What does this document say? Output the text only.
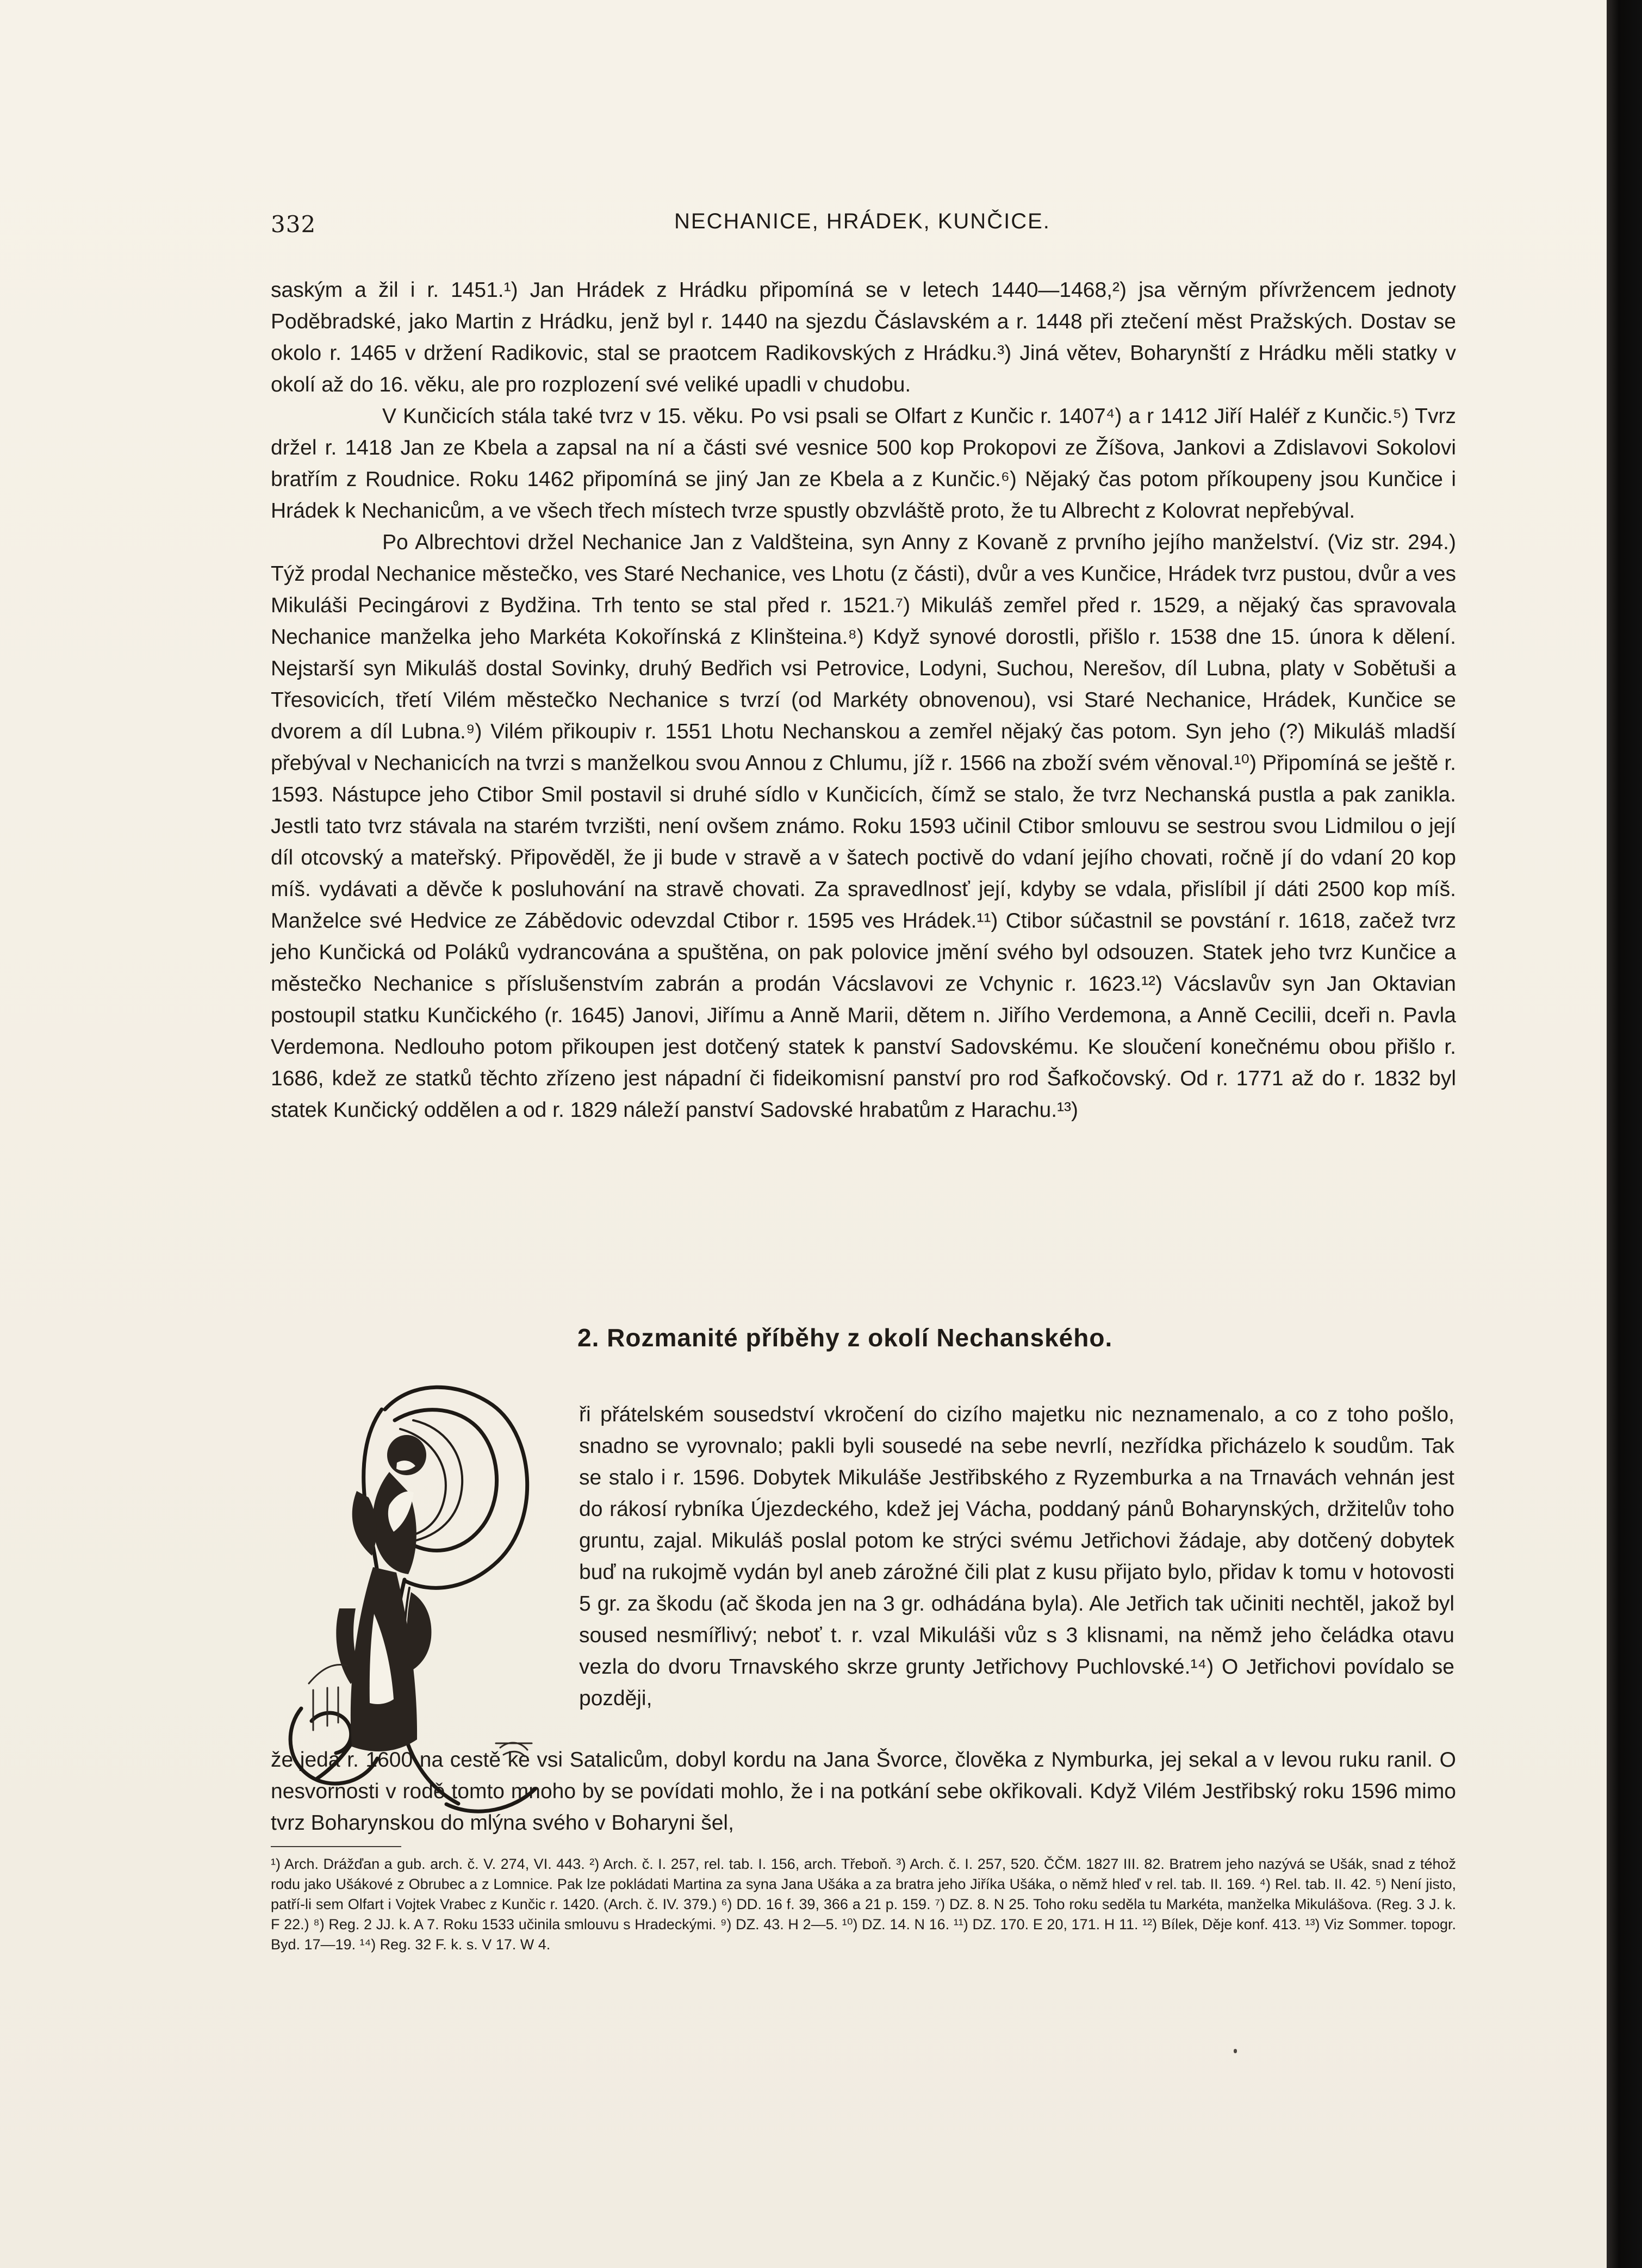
332	NECHANICE, HRÁDEK, KUNČICE.

saským a žil i r. 1451.¹) Jan Hrádek z Hrádku připomíná se v letech 1440—1468,²) jsa věrným přívržencem jednoty Poděbradské, jako Martin z Hrádku, jenž byl r. 1440 na sjezdu Čáslavském a r. 1448 při ztečení měst Pražských. Dostav se okolo r. 1465 v držení Radikovic, stal se praotcem Radikovských z Hrádku.³) Jiná větev, Boharynští z Hrádku měli statky v okolí až do 16. věku, ale pro rozplození své veliké upadli v chudobu.

V Kunčicích stála také tvrz v 15. věku. Po vsi psali se Olfart z Kunčic r. 1407⁴) a r 1412 Jiří Haléř z Kunčic.⁵) Tvrz držel r. 1418 Jan ze Kbela a zapsal na ní a části své vesnice 500 kop Prokopovi ze Žíšova, Jankovi a Zdislavovi Sokolovi bratřím z Roudnice. Roku 1462 připomíná se jiný Jan ze Kbela a z Kunčic.⁶) Nějaký čas potom příkoupeny jsou Kunčice i Hrádek k Nechanicům, a ve všech třech místech tvrze spustly obzvláště proto, že tu Albrecht z Kolovrat nepřebýval.

Po Albrechtovi držel Nechanice Jan z Valdšteina, syn Anny z Kovaně z prvního jejího manželství. (Viz str. 294.) Týž prodal Nechanice městečko, ves Staré Nechanice, ves Lhotu (z části), dvůr a ves Kunčice, Hrádek tvrz pustou, dvůr a ves Mikuláši Pecingárovi z Bydžina. Trh tento se stal před r. 1521.⁷) Mikuláš zemřel před r. 1529, a nějaký čas spravovala Nechanice manželka jeho Markéta Kokořínská z Klinšteina.⁸) Když synové dorostli, přišlo r. 1538 dne 15. února k dělení. Nejstarší syn Mikuláš dostal Sovinky, druhý Bedřich vsi Petrovice, Lodyni, Suchou, Nerešov, díl Lubna, platy v Sobětuši a Třesovicích, třetí Vilém městečko Nechanice s tvrzí (od Markéty obnovenou), vsi Staré Nechanice, Hrádek, Kunčice se dvorem a díl Lubna.⁹) Vilém přikoupiv r. 1551 Lhotu Nechanskou a zemřel nějaký čas potom. Syn jeho (?) Mikuláš mladší přebýval v Nechanicích na tvrzi s manželkou svou Annou z Chlumu, jíž r. 1566 na zboží svém věnoval.¹⁰) Připomíná se ještě r. 1593. Nástupce jeho Ctibor Smil postavil si druhé sídlo v Kunčicích, čímž se stalo, že tvrz Nechanská pustla a pak zanikla. Jestli tato tvrz stávala na starém tvrzišti, není ovšem známo. Roku 1593 učinil Ctibor smlouvu se sestrou svou Lidmilou o její díl otcovský a mateřský. Připověděl, že ji bude v stravě a v šatech poctivě do vdaní jejího chovati, ročně jí do vdaní 20 kop míš. vydávati a děvče k posluhování na stravě chovati. Za spravedlnosť její, kdyby se vdala, přislíbil jí dáti 2500 kop míš. Manželce své Hedvice ze Zábědovic odevzdal Ctibor r. 1595 ves Hrádek.¹¹) Ctibor súčastnil se povstání r. 1618, začež tvrz jeho Kunčická od Poláků vydrancována a spuštěna, on pak polovice jmění svého byl odsouzen. Statek jeho tvrz Kunčice a městečko Nechanice s příslušenstvím zabrán a prodán Vácslavovi ze Vchynic r. 1623.¹²) Vácslavův syn Jan Oktavian postoupil statku Kunčického (r. 1645) Janovi, Jiřímu a Anně Marii, dětem n. Jiřího Verdemona, a Anně Cecilii, dceři n. Pavla Verdemona. Nedlouho potom přikoupen jest dotčený statek k panství Sadovskému. Ke sloučení konečnému obou přišlo r. 1686, kdež ze statků těchto zřízeno jest nápadní či fideikomisní panství pro rod Šafkočovský. Od r. 1771 až do r. 1832 byl statek Kunčický oddělen a od r. 1829 náleží panství Sadovské hrabatům z Harachu.¹³)

2. Rozmanité příběhy z okolí Nechanského.
ři přátelském sousedství vkročení do cizího majetku nic neznamenalo, a co z toho pošlo, snadno se vyrovnalo; pakli byli sousedé na sebe nevrlí, nezřídka přicházelo k soudům. Tak se stalo i r. 1596. Dobytek Mikuláše Jestřibského z Ryzemburka a na Trnavách vehnán jest do rákosí rybníka Újezdeckého, kdež jej Vácha, poddaný pánů Boharynských, držitelův toho gruntu, zajal. Mikuláš poslal potom ke strýci svému Jetřichovi žádaje, aby dotčený dobytek buď na rukojmě vydán byl aneb zárožné čili plat z kusu přijato bylo, přidav k tomu v hotovosti 5 gr. za škodu (ač škoda jen na 3 gr. odhádána byla). Ale Jetřich tak učiniti nechtěl, jakož byl soused nesmířlivý; neboť t. r. vzal Mikuláši vůz s 3 klisnami, na němž jeho čeládka otavu vezla do dvoru Trnavského skrze grunty Jetřichovy Puchlovské.¹⁴) O Jetřichovi povídalo se později,
že jeda r. 1600 na cestě ke vsi Satalicům, dobyl kordu na Jana Švorce, člověka z Nymburka, jej sekal a v levou ruku ranil. O nesvornosti v rodě tomto mnoho by se povídati mohlo, že i na potkání sebe okřikovali. Když Vilém Jestřibský roku 1596 mimo tvrz Boharynskou do mlýna svého v Boharyni šel,

¹) Arch. Drážďan a gub. arch. č. V. 274, VI. 443. ²) Arch. č. I. 257, rel. tab. I. 156, arch. Třeboň. ³) Arch. č. I. 257, 520. ČČM. 1827 III. 82. Bratrem jeho nazývá se Ušák, snad z téhož rodu jako Ušákové z Obrubec a z Lomnice. Pak lze pokládati Martina za syna Jana Ušáka a za bratra jeho Jiříka Ušáka, o němž hleď v rel. tab. II. 169. ⁴) Rel. tab. II. 42. ⁵) Není jisto, patří-li sem Olfart i Vojtek Vrabec z Kunčic r. 1420. (Arch. č. IV. 379.) ⁶) DD. 16 f. 39, 366 a 21 p. 159. ⁷) DZ. 8. N 25. Toho roku seděla tu Markéta, manželka Mikulášova. (Reg. 3 J. k. F 22.) ⁸) Reg. 2 JJ. k. A 7. Roku 1533 učinila smlouvu s Hradeckými. ⁹) DZ. 43. H 2—5. ¹⁰) DZ. 14. N 16. ¹¹) DZ. 170. E 20, 171. H 11. ¹²) Bílek, Děje konf. 413. ¹³) Viz Sommer. topogr. Byd. 17—19. ¹⁴) Reg. 32 F. k. s. V 17. W 4.
